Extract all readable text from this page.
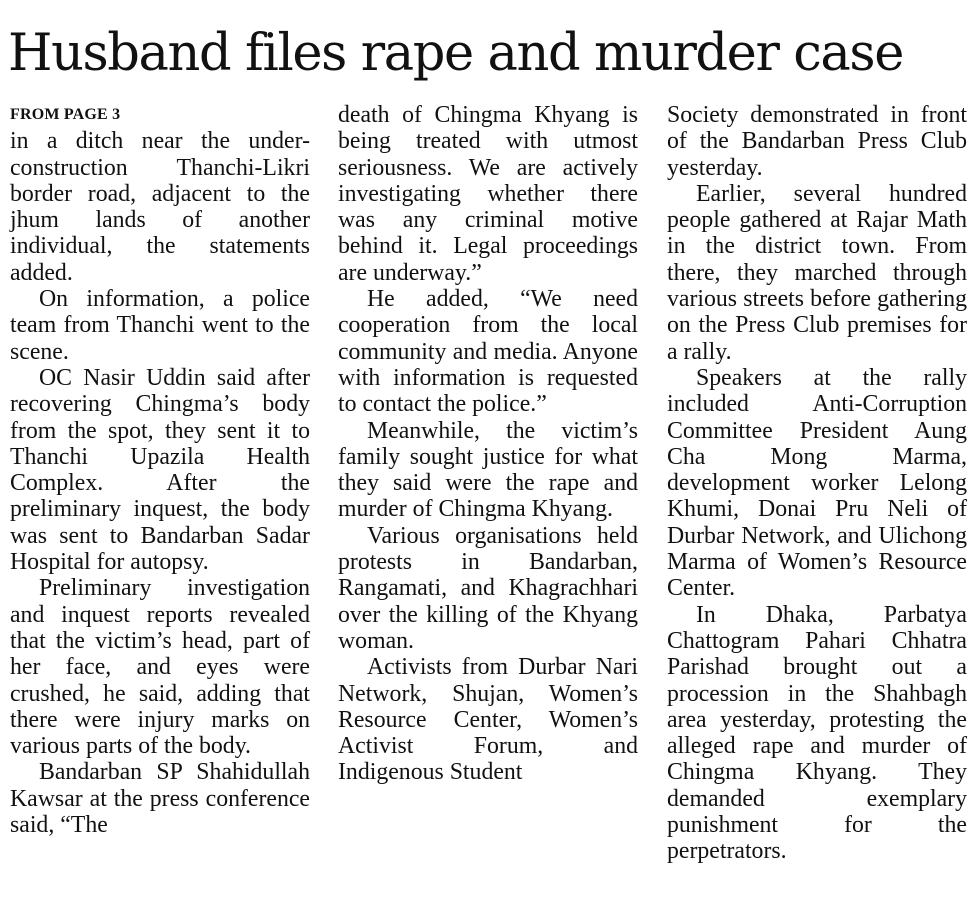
Husband files rape and murder case
FROM PAGE 3

in a ditch near the under-construction Thanchi-Likri border road, adjacent to the jhum lands of another individual, the statements added.

On information, a police team from Thanchi went to the scene.

OC Nasir Uddin said after recovering Chingma’s body from the spot, they sent it to Thanchi Upazila Health Complex. After the preliminary inquest, the body was sent to Bandarban Sadar Hospital for autopsy.

Preliminary investigation and inquest reports revealed that the victim’s head, part of her face, and eyes were crushed, he said, adding that there were injury marks on various parts of the body.

Bandarban SP Shahidullah Kawsar at the press conference said, “The

death of Chingma Khyang is being treated with utmost seriousness. We are actively investigating whether there was any criminal motive behind it. Legal proceedings are underway.”

He added, “We need cooperation from the local community and media. Anyone with information is requested to contact the police.”

Meanwhile, the victim’s family sought justice for what they said were the rape and murder of Chingma Khyang.

Various organisations held protests in Bandarban, Rangamati, and Khagrachhari over the killing of the Khyang woman.

Activists from Durbar Nari Network, Shujan, Women’s Resource Center, Women’s Activist Forum, and Indigenous Student

Society demonstrated in front of the Bandarban Press Club yesterday.

Earlier, several hundred people gathered at Rajar Math in the district town. From there, they marched through various streets before gathering on the Press Club premises for a rally.

Speakers at the rally included Anti-Corruption Committee President Aung Cha Mong Marma, development worker Lelong Khumi, Donai Pru Neli of Durbar Network, and Ulichong Marma of Women’s Resource Center.

In Dhaka, Parbatya Chattogram Pahari Chhatra Parishad brought out a procession in the Shahbagh area yesterday, protesting the alleged rape and murder of Chingma Khyang. They demanded exemplary punishment for the perpetrators.
